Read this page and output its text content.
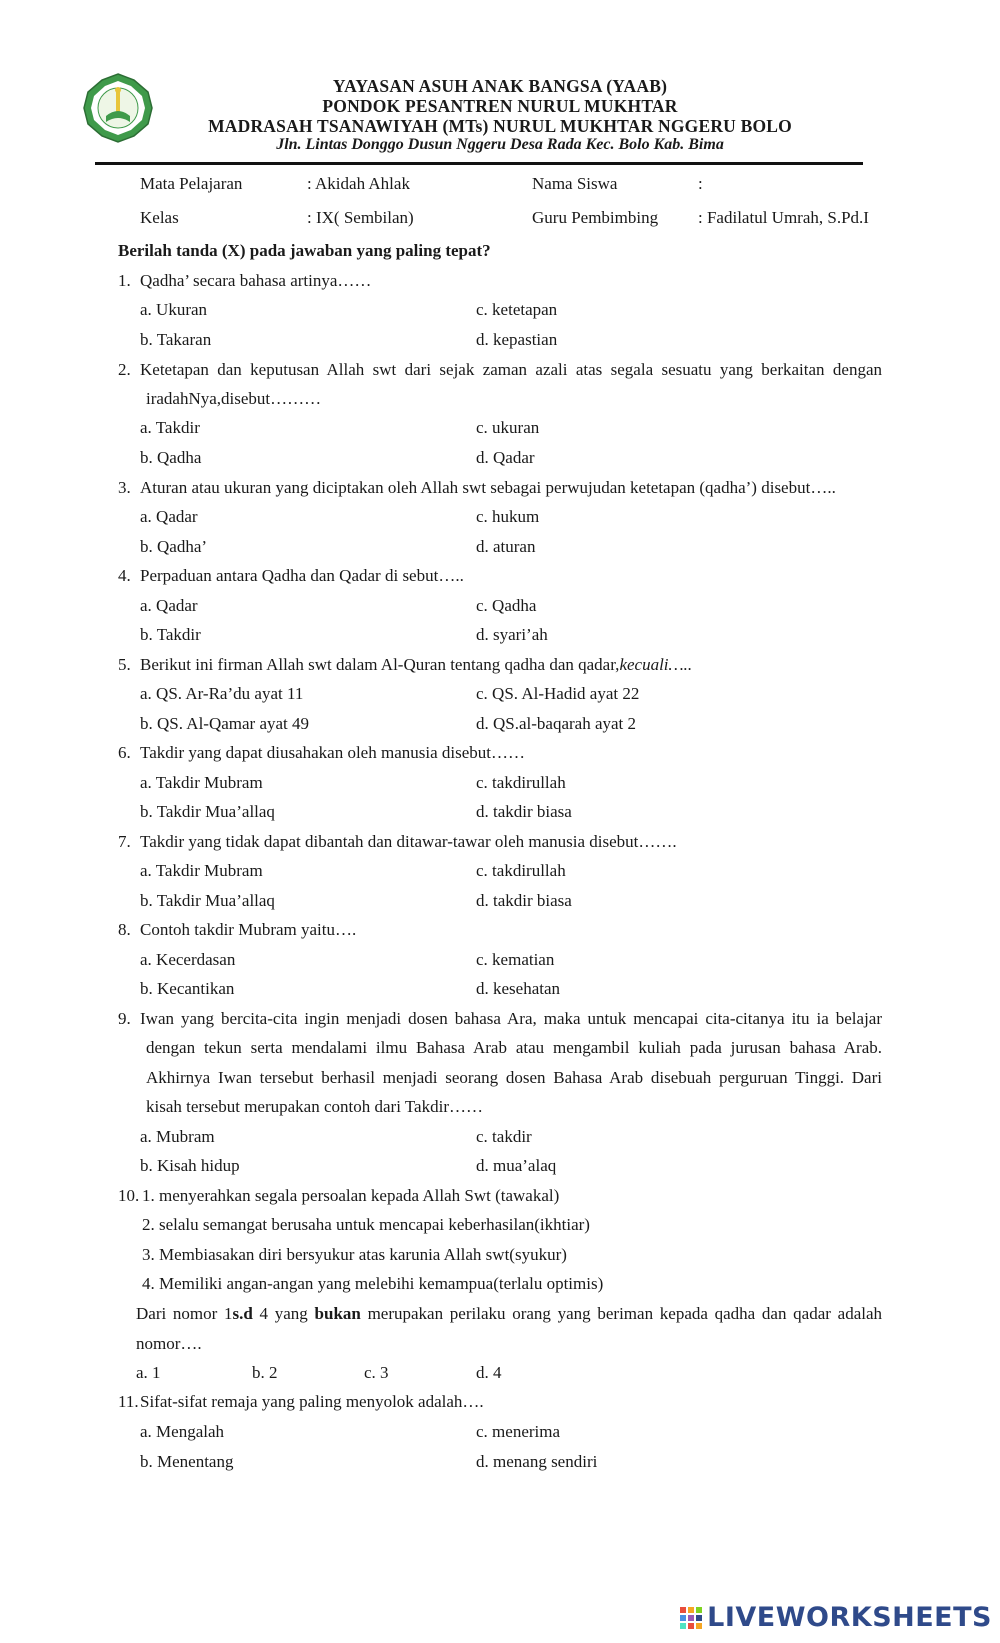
YAYASAN ASUH ANAK BANGSA (YAAB)
PONDOK PESANTREN NURUL MUKHTAR
MADRASAH TSANAWIYAH (MTs) NURUL MUKHTAR NGGERU BOLO
Jln. Lintas Donggo Dusun Nggeru Desa Rada Kec. Bolo Kab. Bima
Mata Pelajaran	: Akidah Ahlak	Nama Siswa	:
Kelas	: IX( Sembilan)	Guru Pembimbing : Fadilatul Umrah, S.Pd.I
Berilah tanda (X) pada jawaban yang paling tepat?
1. Qadha’ secara bahasa artinya……
a. Ukuran	c. ketetapan
b. Takaran	d. kepastian
2. Ketetapan dan keputusan Allah swt dari sejak zaman azali atas segala sesuatu yang berkaitan dengan
iradahNya,disebut………
a. Takdir	c. ukuran
b. Qadha	d. Qadar
3. Aturan atau ukuran yang diciptakan oleh Allah swt sebagai perwujudan ketetapan (qadha’) disebut…..
a. Qadar	c. hukum
b. Qadha’	d. aturan
4. Perpaduan antara Qadha dan Qadar di sebut…..
a. Qadar	c. Qadha
b. Takdir	d. syari’ah
5. Berikut ini firman Allah swt dalam Al-Quran tentang qadha dan qadar,kecuali…..
a. QS. Ar-Ra’du ayat 11	c. QS. Al-Hadid ayat 22
b. QS. Al-Qamar ayat 49	d. QS.al-baqarah ayat 2
6. Takdir yang dapat diusahakan oleh manusia disebut……
a. Takdir Mubram	c. takdirullah
b. Takdir Mua’allaq	d. takdir biasa
7. Takdir yang tidak dapat dibantah dan ditawar-tawar oleh manusia disebut…….
a. Takdir Mubram	c. takdirullah
b. Takdir Mua’allaq	d. takdir biasa
8. Contoh takdir Mubram yaitu….
a. Kecerdasan	c. kematian
b. Kecantikan	d. kesehatan
9. Iwan yang bercita-cita ingin menjadi dosen bahasa Ara, maka untuk mencapai cita-citanya itu ia belajar
dengan tekun serta mendalami ilmu Bahasa Arab atau mengambil kuliah pada jurusan bahasa Arab.
Akhirnya Iwan tersebut berhasil menjadi seorang dosen Bahasa Arab disebuah perguruan Tinggi. Dari
kisah tersebut merupakan contoh dari Takdir……
a. Mubram	c. takdir
b. Kisah hidup	d. mua’alaq
10. 1. menyerahkan segala persoalan kepada Allah Swt (tawakal)
2. selalu semangat berusaha untuk mencapai keberhasilan(ikhtiar)
3. Membiasakan diri bersyukur atas karunia Allah swt(syukur)
4. Memiliki angan-angan yang melebihi kemampua(terlalu optimis)
Dari nomor 1s.d 4 yang bukan merupakan perilaku orang yang beriman kepada qadha dan qadar adalah
nomor….
a. 1	b. 2	c. 3	d. 4
11. Sifat-sifat remaja yang paling menyolok adalah….
a. Mengalah	c. menerima
b. Menentang	d. menang sendiri
LIVEWORKSHEETS
